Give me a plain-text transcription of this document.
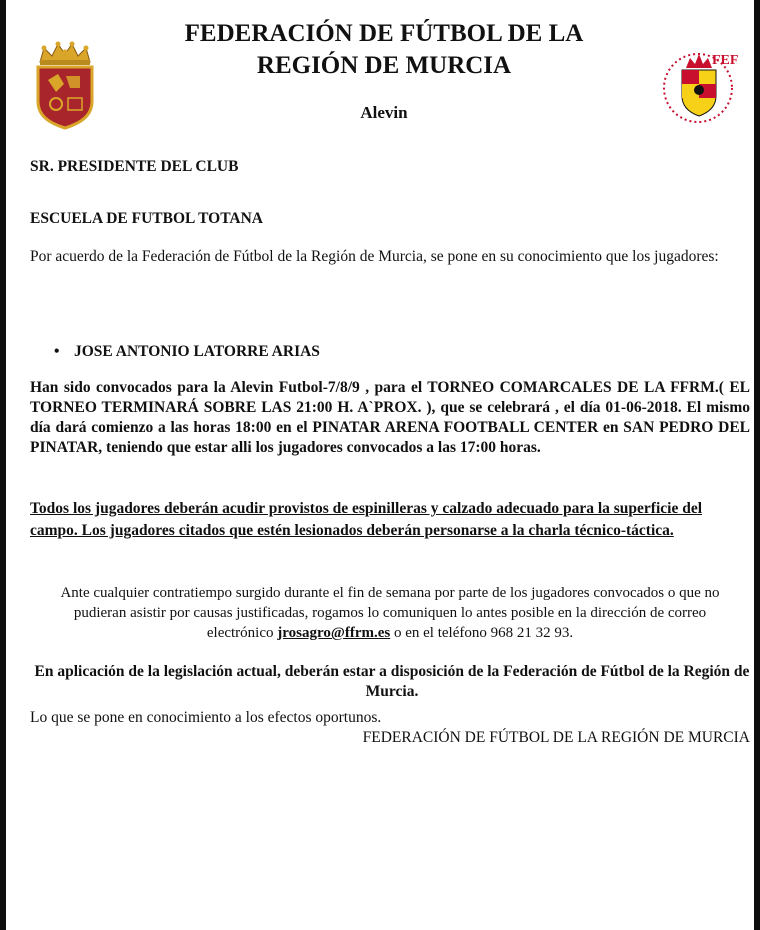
FEDERACIÓN DE FÚTBOL DE LA
REGIÓN DE MURCIA
Alevin
FEF
SR. PRESIDENTE DEL CLUB
ESCUELA DE FUTBOL TOTANA
Por acuerdo de la Federación de Fútbol de la Región de Murcia, se pone en su conocimiento que los jugadores:
• JOSE ANTONIO LATORRE ARIAS
Han sido convocados para la Alevin Futbol-7/8/9 , para el TORNEO COMARCALES DE LA FFRM.( EL TORNEO TERMINARÁ SOBRE LAS 21:00 H. A`PROX. ), que se celebrará , el día 01-06-2018. El mismo día dará comienzo a las horas 18:00 en el PINATAR ARENA FOOTBALL CENTER en SAN PEDRO DEL PINATAR, teniendo que estar alli los jugadores convocados a las 17:00 horas.
Todos los jugadores deberán acudir provistos de espinilleras y calzado adecuado para la superficie del campo. Los jugadores citados que estén lesionados deberán personarse a la charla técnico-táctica.
Ante cualquier contratiempo surgido durante el fin de semana por parte de los jugadores convocados o que no pudieran asistir por causas justificadas, rogamos lo comuniquen lo antes posible en la dirección de correo electrónico jrosagro@ffrm.es o en el teléfono 968 21 32 93.
En aplicación de la legislación actual, deberán estar a disposición de la Federación de Fútbol de la Región de Murcia.
Lo que se pone en conocimiento a los efectos oportunos.
FEDERACIÓN DE FÚTBOL DE LA REGIÓN DE MURCIA
